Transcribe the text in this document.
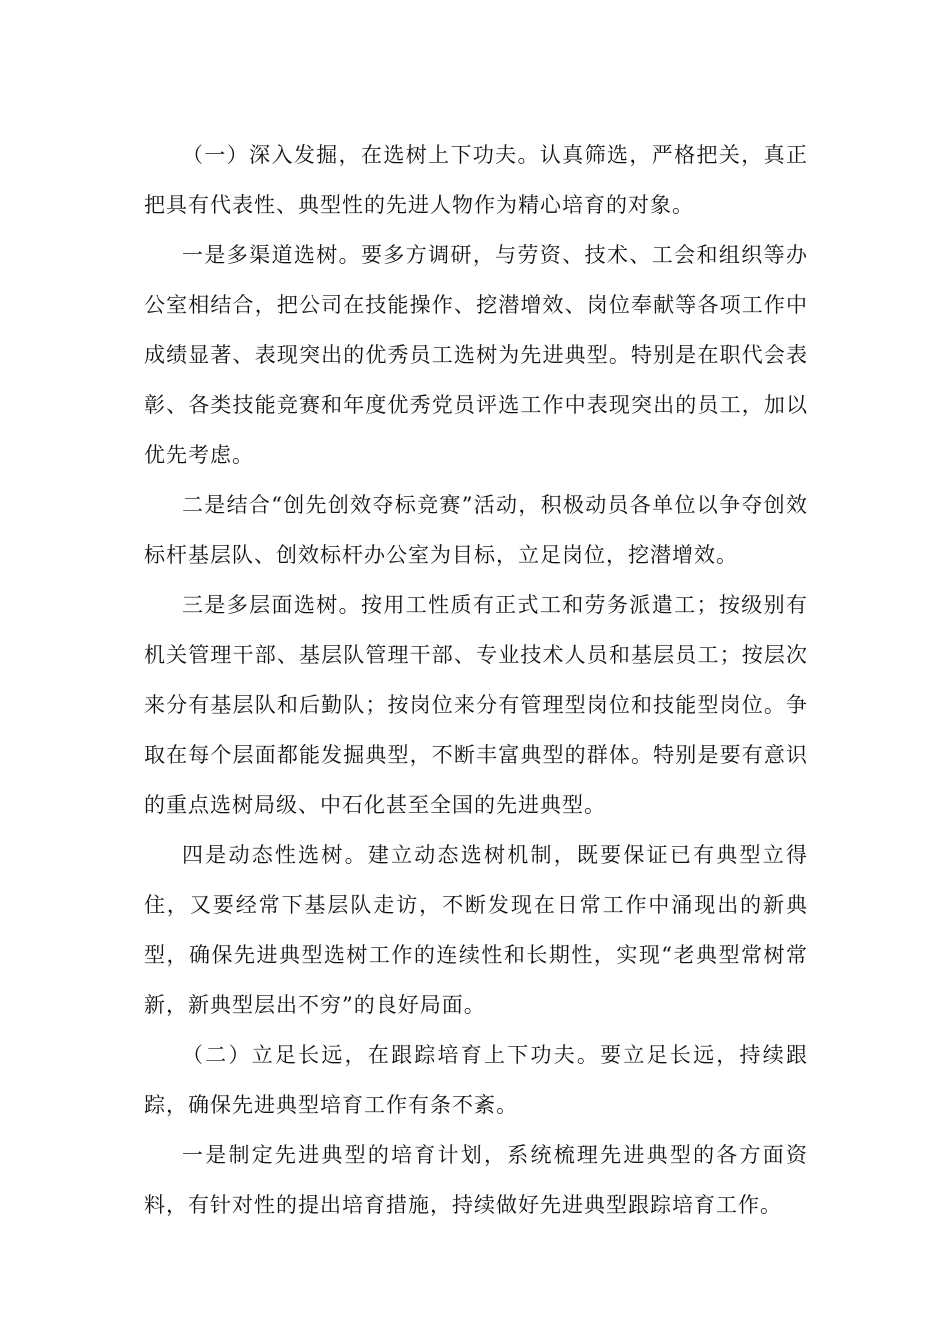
（一）深入发掘，在选树上下功夫。认真筛选，严格把关，真正把具有代表性、典型性的先进人物作为精心培育的对象。

一是多渠道选树。要多方调研，与劳资、技术、工会和组织等办公室相结合，把公司在技能操作、挖潜增效、岗位奉献等各项工作中成绩显著、表现突出的优秀员工选树为先进典型。特别是在职代会表彰、各类技能竞赛和年度优秀党员评选工作中表现突出的员工，加以优先考虑。

二是结合“创先创效夺标竞赛”活动，积极动员各单位以争夺创效标杆基层队、创效标杆办公室为目标，立足岗位，挖潜增效。

三是多层面选树。按用工性质有正式工和劳务派遣工；按级别有机关管理干部、基层队管理干部、专业技术人员和基层员工；按层次来分有基层队和后勤队；按岗位来分有管理型岗位和技能型岗位。争取在每个层面都能发掘典型，不断丰富典型的群体。特别是要有意识的重点选树局级、中石化甚至全国的先进典型。

四是动态性选树。建立动态选树机制，既要保证已有典型立得住，又要经常下基层队走访，不断发现在日常工作中涌现出的新典型，确保先进典型选树工作的连续性和长期性，实现“老典型常树常新，新典型层出不穷”的良好局面。

（二）立足长远，在跟踪培育上下功夫。要立足长远，持续跟踪，确保先进典型培育工作有条不紊。

一是制定先进典型的培育计划，系统梳理先进典型的各方面资料，有针对性的提出培育措施，持续做好先进典型跟踪培育工作。
